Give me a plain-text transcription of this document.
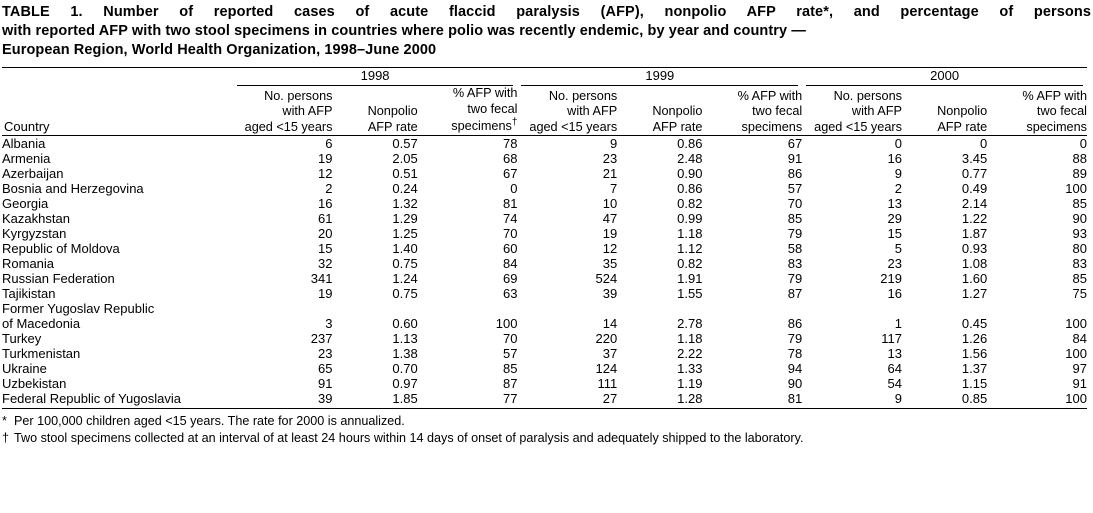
TABLE 1. Number of reported cases of acute flaccid paralysis (AFP), nonpolio AFP rate*, and percentage of persons
with reported AFP with two stool specimens in countries where polio was recently endemic, by year and country —
European Region, World Health Organization, 1998–June 2000

	1998			1999			2000		

Country	No. persons
with AFP
aged <15 years	Nonpolio
AFP rate	% AFP with
two fecal
specimens†	No. persons
with AFP
aged <15 years	Nonpolio
AFP rate	% AFP with
two fecal
specimens	No. persons
with AFP
aged <15 years	Nonpolio
AFP rate	% AFP with
two fecal
specimens
Albania	6	0.57	78	9	0.86	67	0	0	0
Armenia	19	2.05	68	23	2.48	91	16	3.45	88
Azerbaijan	12	0.51	67	21	0.90	86	9	0.77	89
Bosnia and Herzegovina	2	0.24	0	7	0.86	57	2	0.49	100
Georgia	16	1.32	81	10	0.82	70	13	2.14	85
Kazakhstan	61	1.29	74	47	0.99	85	29	1.22	90
Kyrgyzstan	20	1.25	70	19	1.18	79	15	1.87	93
Republic of Moldova	15	1.40	60	12	1.12	58	5	0.93	80
Romania	32	0.75	84	35	0.82	83	23	1.08	83
Russian Federation	341	1.24	69	524	1.91	79	219	1.60	85
Tajikistan	19	0.75	63	39	1.55	87	16	1.27	75
Former Yugoslav Republic									
of Macedonia	3	0.60	100	14	2.78	86	1	0.45	100
Turkey	237	1.13	70	220	1.18	79	117	1.26	84
Turkmenistan	23	1.38	57	37	2.22	78	13	1.56	100
Ukraine	65	0.70	85	124	1.33	94	64	1.37	97
Uzbekistan	91	0.97	87	111	1.19	90	54	1.15	91
Federal Republic of Yugoslavia	39	1.85	77	27	1.28	81	9	0.85	100
* Per 100,000 children aged <15 years. The rate for 2000 is annualized.
† Two stool specimens collected at an interval of at least 24 hours within 14 days of onset of paralysis and adequately shipped to the laboratory.
